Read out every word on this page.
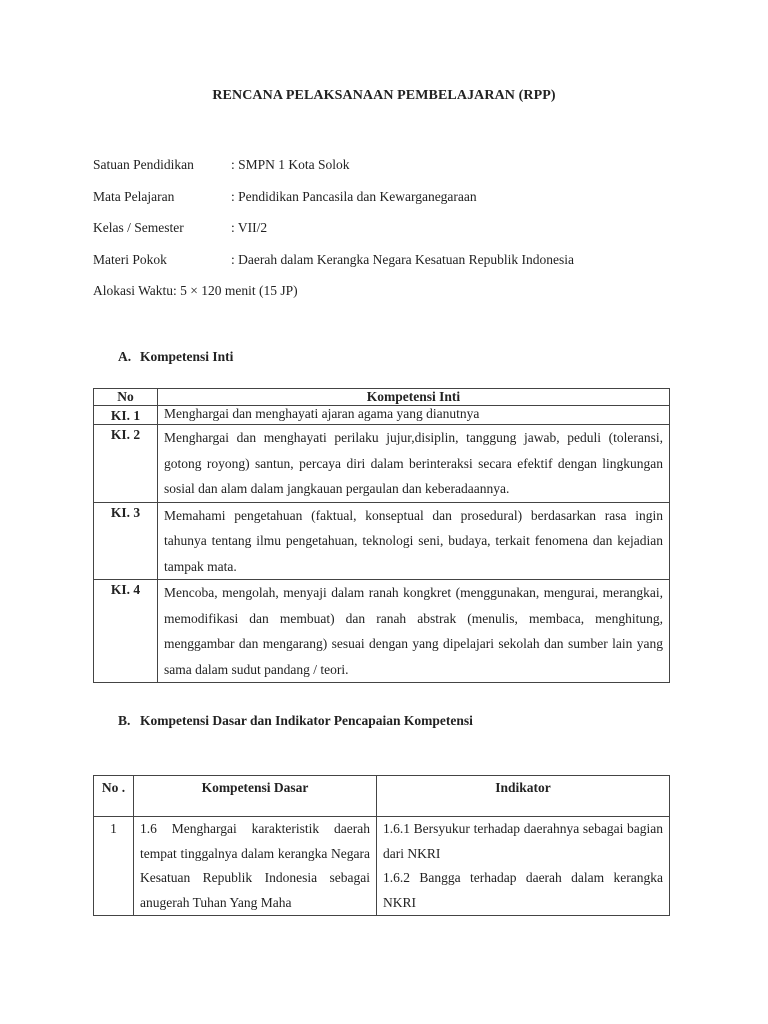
RENCANA PELAKSANAAN PEMBELAJARAN (RPP)
Satuan Pendidikan	: SMPN 1 Kota Solok
Mata Pelajaran	: Pendidikan Pancasila dan Kewarganegaraan
Kelas / Semester	: VII/2
Materi Pokok	: Daerah dalam Kerangka Negara Kesatuan Republik Indonesia
Alokasi Waktu: 5 × 120 menit (15 JP)
A. Kompetensi Inti
No	Kompetensi Inti
KI. 1	Menghargai dan menghayati ajaran agama yang dianutnya
KI. 2	Menghargai dan menghayati perilaku jujur,disiplin, tanggung jawab, peduli (toleransi, gotong royong) santun, percaya diri dalam berinteraksi secara efektif dengan lingkungan sosial dan alam dalam jangkauan pergaulan dan keberadaannya.
KI. 3	Memahami pengetahuan (faktual, konseptual dan prosedural) berdasarkan rasa ingin tahunya tentang ilmu pengetahuan, teknologi seni, budaya, terkait fenomena dan kejadian tampak mata.
KI. 4	Mencoba, mengolah, menyaji dalam ranah kongkret (menggunakan, mengurai, merangkai, memodifikasi dan membuat) dan ranah abstrak (menulis, membaca, menghitung, menggambar dan mengarang) sesuai dengan yang dipelajari sekolah dan sumber lain yang sama dalam sudut pandang / teori.
B. Kompetensi Dasar dan Indikator Pencapaian Kompetensi
No .	Kompetensi Dasar	Indikator
1	1.6 Menghargai karakteristik daerah tempat tinggalnya dalam kerangka Negara Kesatuan Republik Indonesia sebagai anugerah Tuhan Yang Maha	1.6.1 Bersyukur terhadap daerahnya sebagai bagian dari NKRI
1.6.2 Bangga terhadap daerah dalam kerangka NKRI
